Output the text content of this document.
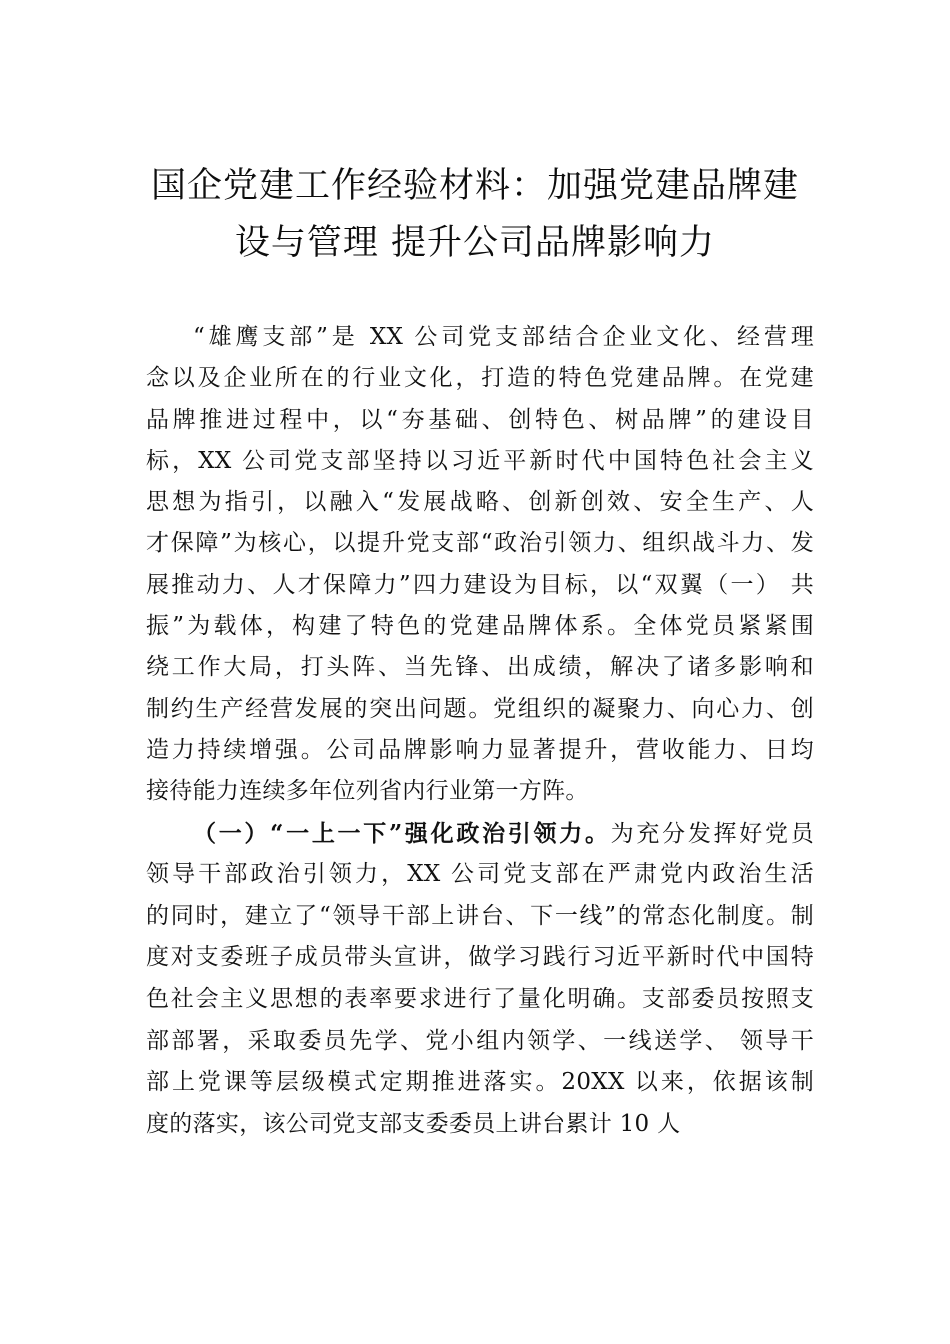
国企党建工作经验材料：加强党建品牌建
设与管理 提升公司品牌影响力
“雄鹰支部”是 XX 公司党支部结合企业文化、经营理
念以及企业所在的行业文化，打造的特色党建品牌。在党建
品牌推进过程中，以“夯基础、创特色、树品牌”的建设目
标，XX 公司党支部坚持以习近平新时代中国特色社会主义
思想为指引，以融入“发展战略、创新创效、安全生产、人
才保障”为核心，以提升党支部“政治引领力、组织战斗力、发
展推动力、人才保障力”四力建设为目标，以“双翼（一） 共
振”为载体，构建了特色的党建品牌体系。全体党员紧紧围
绕工作大局，打头阵、当先锋、出成绩，解决了诸多影响和
制约生产经营发展的突出问题。党组织的凝聚力、向心力、创
造力持续增强。公司品牌影响力显著提升，营收能力、日均
接待能力连续多年位列省内行业第一方阵。
（一）“一上一下”强化政治引领力。为充分发挥好党员
领导干部政治引领力，XX 公司党支部在严肃党内政治生活
的同时，建立了“领导干部上讲台、下一线”的常态化制度。制
度对支委班子成员带头宣讲，做学习践行习近平新时代中国特
色社会主义思想的表率要求进行了量化明确。支部委员按照支
部部署，采取委员先学、党小组内领学、一线送学、 领导干
部上党课等层级模式定期推进落实。20XX 以来，依据该制
度的落实，该公司党支部支委委员上讲台累计 10 人
